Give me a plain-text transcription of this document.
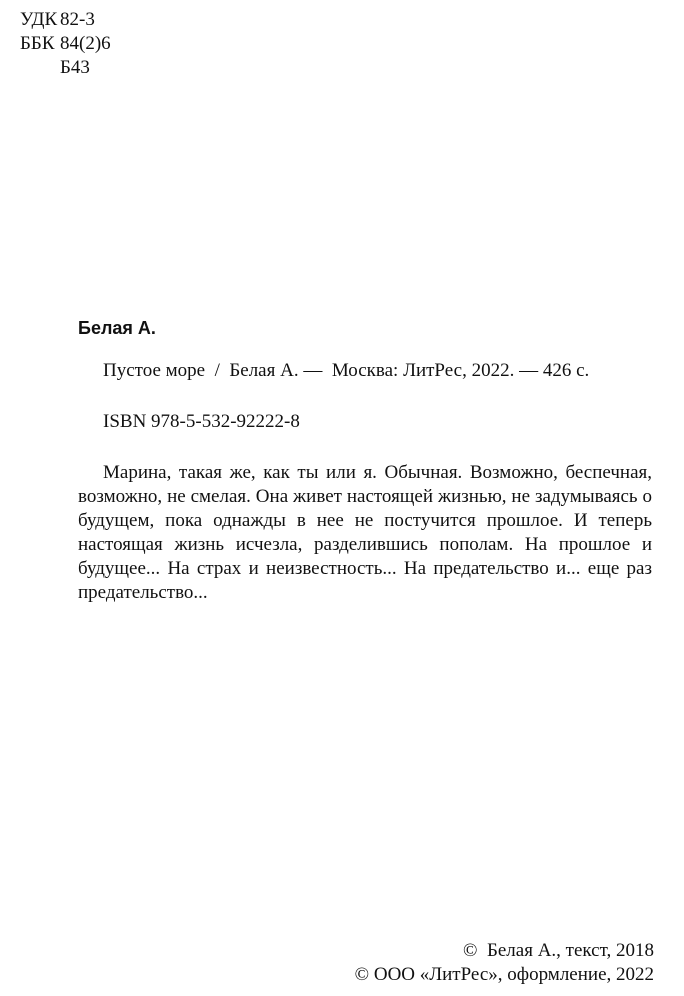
УДК 82-3
ББК 84(2)6
Б43
Белая А.
Пустое море  /  Белая А. —  Москва: ЛитРес, 2022. — 426 с.
ISBN 978-5-532-92222-8

Марина, такая же, как ты или я. Обычная. Возможно, беспечная, возможно, не смелая. Она живет настоящей жизнью, не задумываясь о будущем, пока однажды в нее не постучится прошлое. И теперь настоящая жизнь исчезла, разделившись пополам. На прошлое и будущее... На страх и неизвестность... На предательство и... еще раз предательство...

©  Белая А., текст, 2018
© ООО «ЛитРес», оформление, 2022
